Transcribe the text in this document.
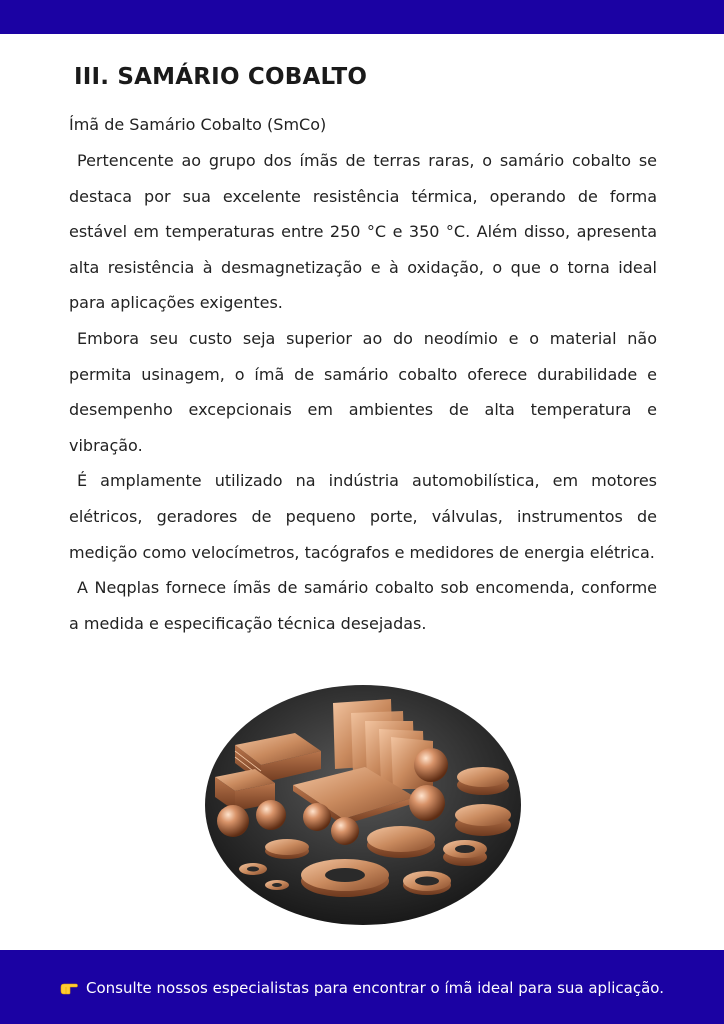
III. SAMÁRIO COBALTO
Ímã de Samário Cobalto (SmCo)

Pertencente ao grupo dos ímãs de terras raras, o samário cobalto se destaca por sua excelente resistência térmica, operando de forma estável em temperaturas entre 250 °C e 350 °C. Além disso, apresenta alta resistência à desmagnetização e à oxidação, o que o torna ideal para aplicações exigentes.

Embora seu custo seja superior ao do neodímio e o material não permita usinagem, o ímã de samário cobalto oferece durabilidade e desempenho excepcionais em ambientes de alta temperatura e vibração.

É amplamente utilizado na indústria automobilística, em motores elétricos, geradores de pequeno porte, válvulas, instrumentos de medição como velocímetros, tacógrafos e medidores de energia elétrica.

A Neqplas fornece ímãs de samário cobalto sob encomenda, conforme a medida e especificação técnica desejadas.

Consulte nossos especialistas para encontrar o ímã ideal para sua aplicação.
